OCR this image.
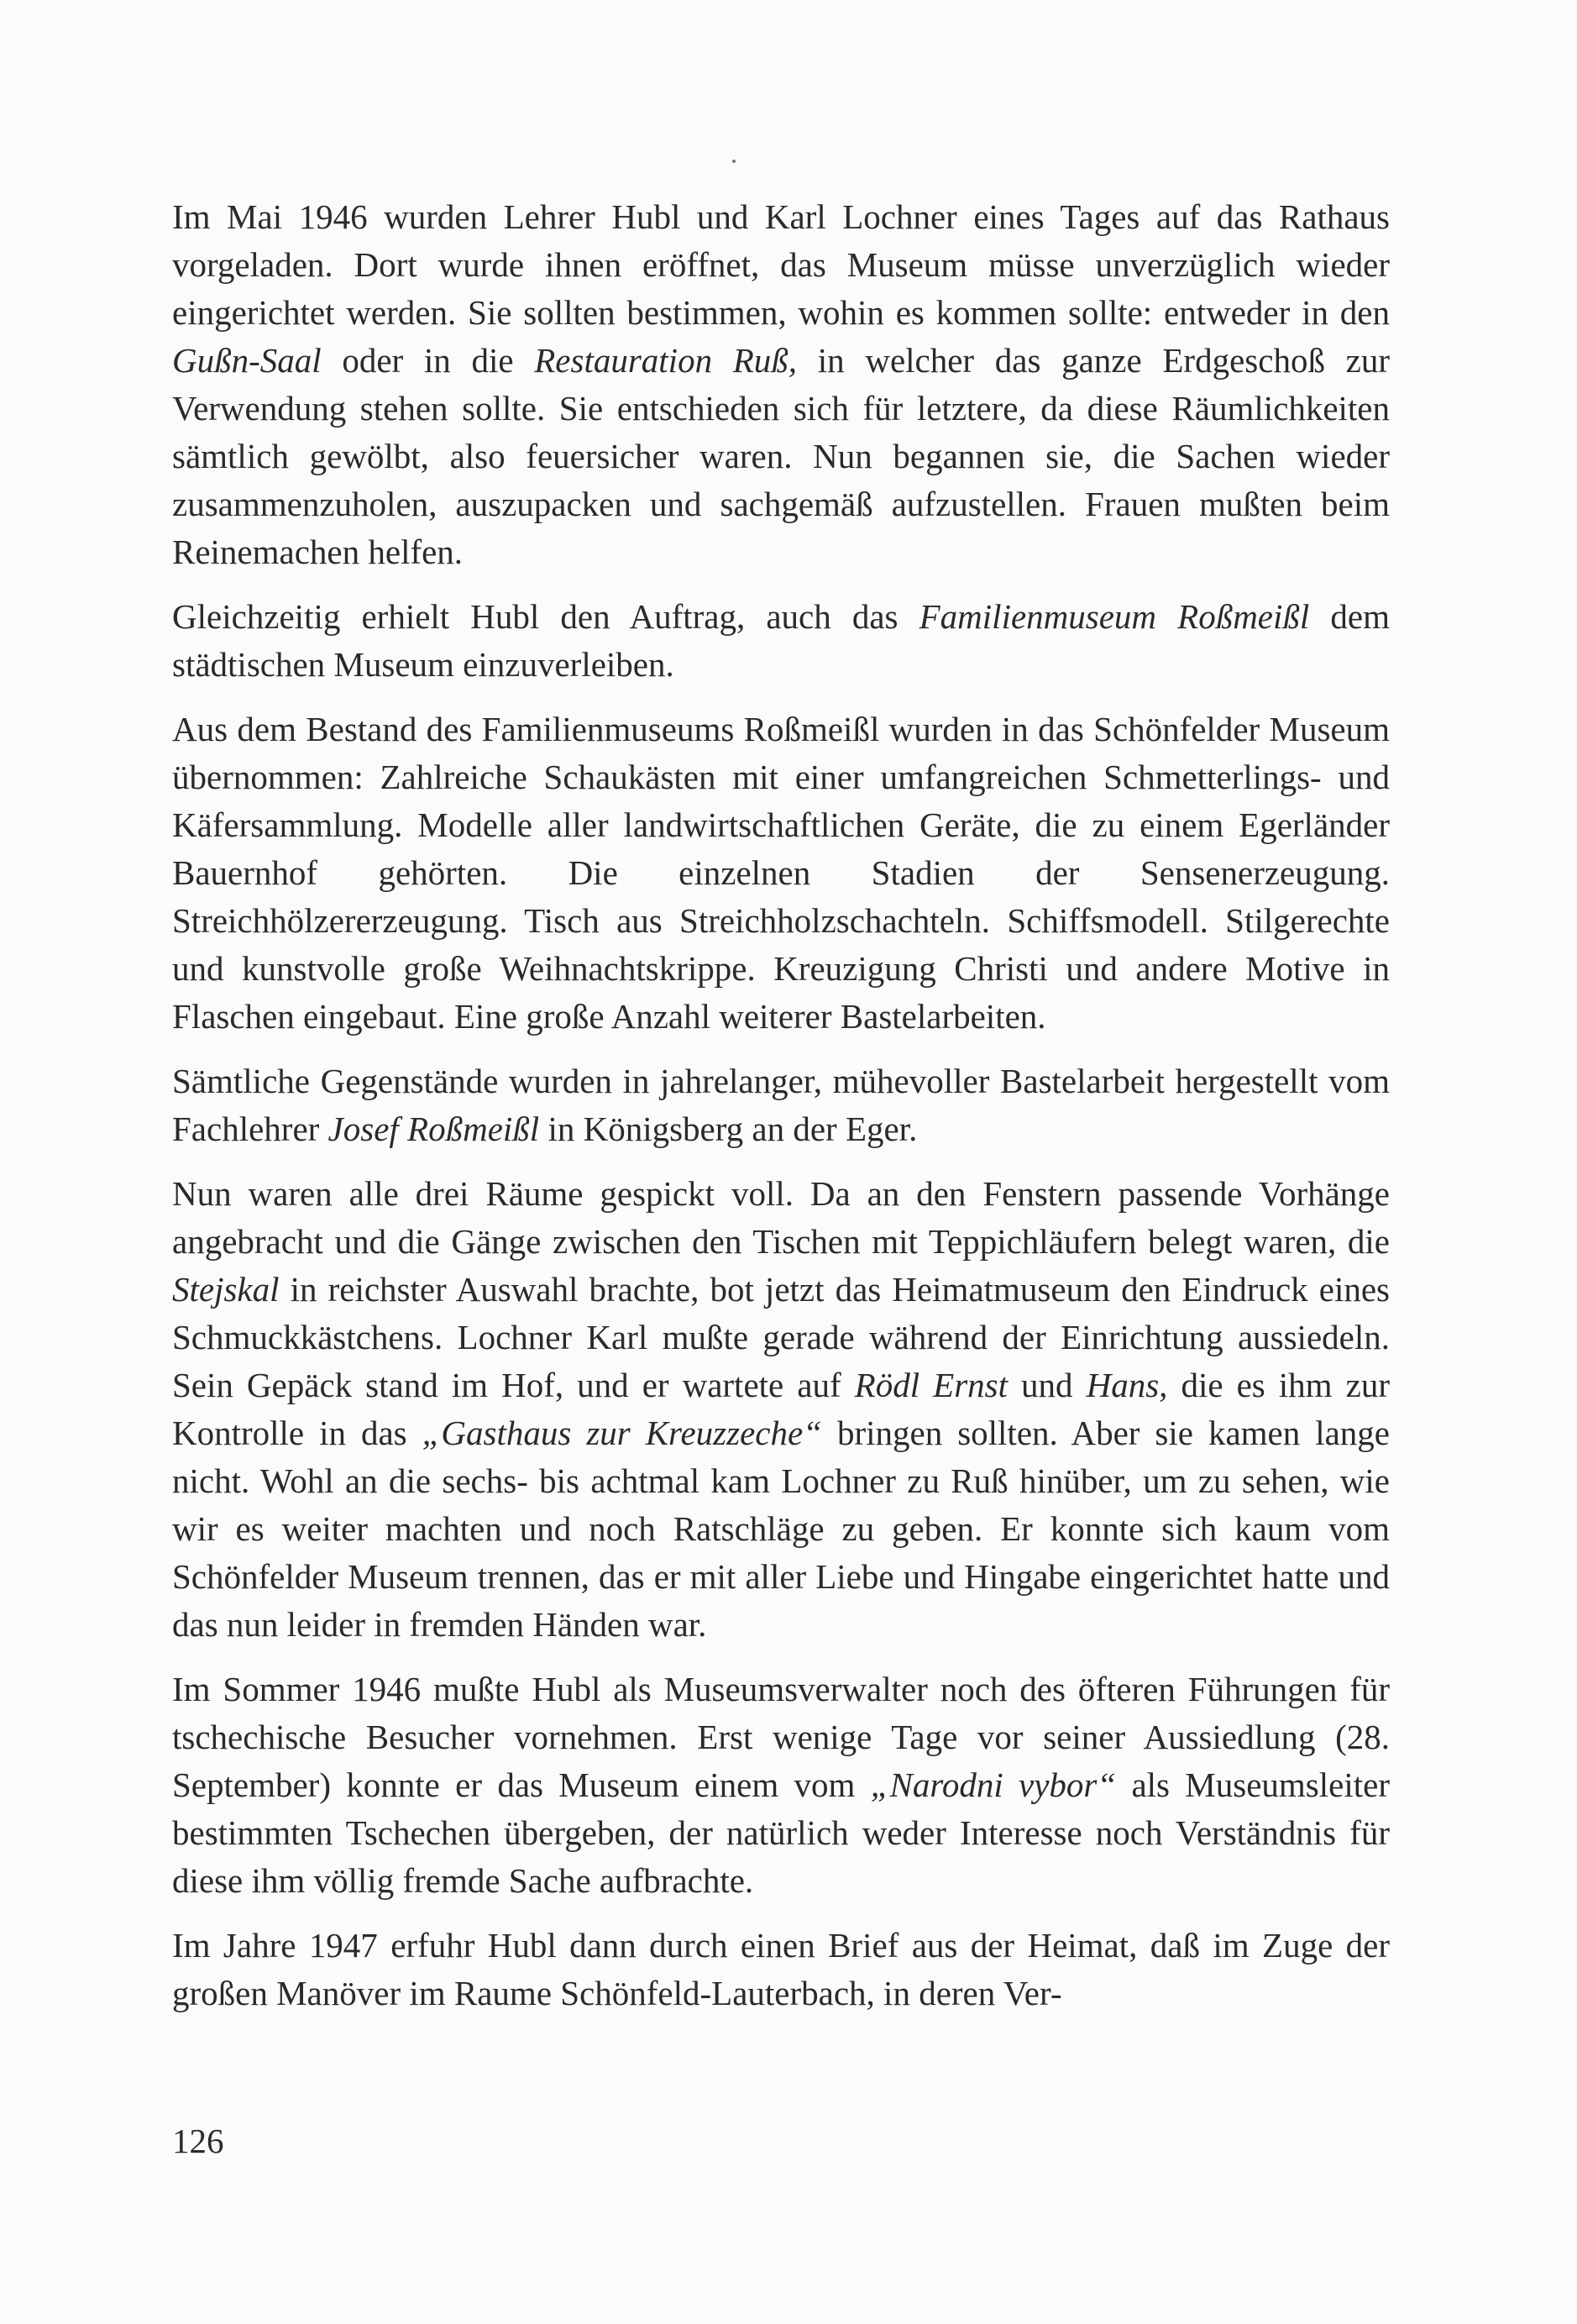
Im Mai 1946 wurden Lehrer Hubl und Karl Lochner eines Tages auf das Rathaus vorgeladen. Dort wurde ihnen eröffnet, das Museum müsse unverzüglich wieder eingerichtet werden. Sie sollten bestimmen, wohin es kommen sollte: entweder in den Gußn-Saal oder in die Restauration Ruß, in welcher das ganze Erdgeschoß zur Verwendung stehen sollte. Sie entschieden sich für letztere, da diese Räumlichkeiten sämtlich gewölbt, also feuersicher waren. Nun begannen sie, die Sachen wieder zusammenzuholen, auszupacken und sachgemäß aufzustellen. Frauen mußten beim Reinemachen helfen.

Gleichzeitig erhielt Hubl den Auftrag, auch das Familienmuseum Roßmeißl dem städtischen Museum einzuverleiben.

Aus dem Bestand des Familienmuseums Roßmeißl wurden in das Schönfelder Museum übernommen: Zahlreiche Schaukästen mit einer umfangreichen Schmetterlings- und Käfersammlung. Modelle aller landwirtschaftlichen Geräte, die zu einem Egerländer Bauernhof gehörten. Die einzelnen Stadien der Sensenerzeugung. Streichhölzererzeugung. Tisch aus Streichholzschachteln. Schiffsmodell. Stilgerechte und kunstvolle große Weihnachtskrippe. Kreuzigung Christi und andere Motive in Flaschen eingebaut. Eine große Anzahl weiterer Bastelarbeiten.

Sämtliche Gegenstände wurden in jahrelanger, mühevoller Bastelarbeit hergestellt vom Fachlehrer Josef Roßmeißl in Königsberg an der Eger.

Nun waren alle drei Räume gespickt voll. Da an den Fenstern passende Vorhänge angebracht und die Gänge zwischen den Tischen mit Teppichläufern belegt waren, die Stejskal in reichster Auswahl brachte, bot jetzt das Heimatmuseum den Eindruck eines Schmuckkästchens. Lochner Karl mußte gerade während der Einrichtung aussiedeln. Sein Gepäck stand im Hof, und er wartete auf Rödl Ernst und Hans, die es ihm zur Kontrolle in das „Gasthaus zur Kreuzzeche“ bringen sollten. Aber sie kamen lange nicht. Wohl an die sechs- bis achtmal kam Lochner zu Ruß hinüber, um zu sehen, wie wir es weiter machten und noch Ratschläge zu geben. Er konnte sich kaum vom Schönfelder Museum trennen, das er mit aller Liebe und Hingabe eingerichtet hatte und das nun leider in fremden Händen war.

Im Sommer 1946 mußte Hubl als Museumsverwalter noch des öfteren Führungen für tschechische Besucher vornehmen. Erst wenige Tage vor seiner Aussiedlung (28. September) konnte er das Museum einem vom „Narodni vybor“ als Museumsleiter bestimmten Tschechen übergeben, der natürlich weder Interesse noch Verständnis für diese ihm völlig fremde Sache aufbrachte.

Im Jahre 1947 erfuhr Hubl dann durch einen Brief aus der Heimat, daß im Zuge der großen Manöver im Raume Schönfeld-Lauterbach, in deren Ver-

126
